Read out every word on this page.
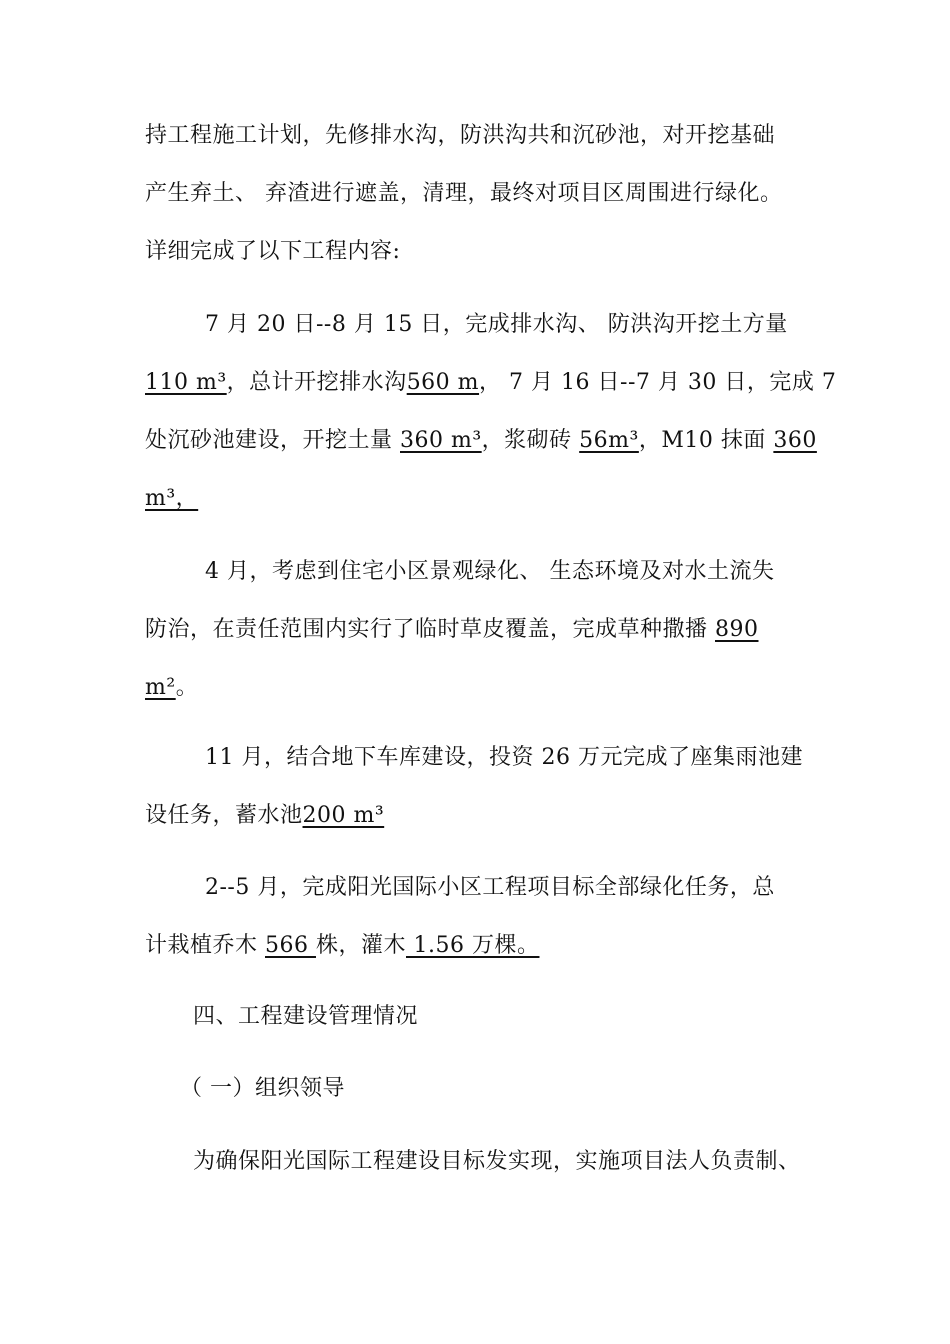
持工程施工计划，先修排水沟，防洪沟共和沉砂池，对开挖基础

产生弃土、 弃渣进行遮盖，清理，最终对项目区周围进行绿化。

详细完成了以下工程内容:

7 月 20 日--8 月 15 日，完成排水沟、 防洪沟开挖土方量

110 m³，总计开挖排水沟560 m， 7 月 16 日--7 月 30 日，完成 7

处沉砂池建设，开挖土量 360 m³，浆砌砖 56m³，M10 抹面 360

m³，

4 月，考虑到住宅小区景观绿化、 生态环境及对水土流失

防治，在责任范围内实行了临时草皮覆盖，完成草种撒播 890

m²。

11 月，结合地下车库建设，投资 26 万元完成了座集雨池建

设任务，蓄水池200 m³

2--5 月，完成阳光国际小区工程项目标全部绿化任务，总

计栽植乔木 566 株，灌木 1.56 万棵。

四、工程建设管理情况

（ 一）组织领导

为确保阳光国际工程建设目标发实现，实施项目法人负责制、
